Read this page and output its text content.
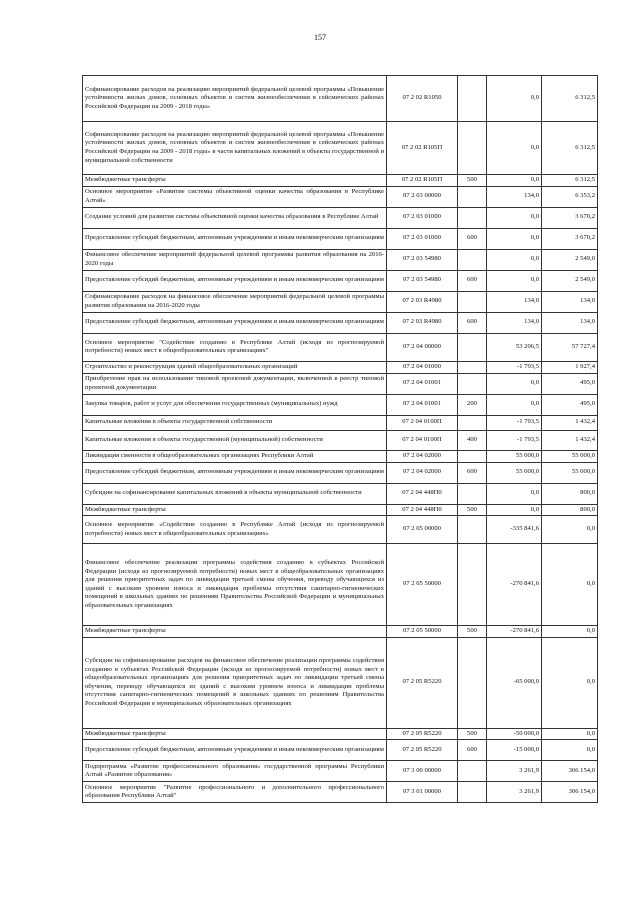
157
Софинансирование расходов на реализацию мероприятий федеральной целевой программы «Повышение устойчивости жилых домов, основных объектов и систем жизнеобеспечения в сейсмических районах Российской Федерации на 2009 - 2018 годы»	07 2 02 R1050		0,0	6 312,5
Софинансирование расходов на реализацию мероприятий федеральной целевой программы «Повышение устойчивости жилых домов, основных объектов и систем жизнеобеспечения в сейсмических районах Российской Федерации на 2009 - 2018 годы» в части капитальных вложений в объекты государственной и муниципальной собственности	07 2 02 R105П		0,0	6 312,5
Межбюджетные трансферты	07 2 02 R105П	500	0,0	6 312,5
Основное мероприятие «Развитие системы объективной оценки качества образования в Республике Алтай»	07 2 03 00000		134,0	6 353,2
Создание условий для развития системы объективной оценки качества образования в Республике Алтай	07 2 03 01000		0,0	3 670,2
Предоставление субсидий бюджетным, автономным учреждениям и иным некоммерческим организациям	07 2 03 01000	600	0,0	3 670,2
Финансовое обеспечение мероприятий федеральной целевой программы развития образования на 2016-2020 годы	07 2 03 54980		0,0	2 549,0
Предоставление субсидий бюджетным, автономным учреждениям и иным некоммерческим организациям	07 2 03 54980	600	0,0	2 549,0
Софинансирование расходов на финансовое обеспечение мероприятий федеральной целевой программы развития образования на 2016-2020 годы	07 2 03 R4980		134,0	134,0
Предоставление субсидий бюджетным, автономным учреждениям и иным некоммерческим организациям	07 2 03 R4980	600	134,0	134,0
Основное мероприятие "Содействие созданию в Республике Алтай (исходя из прогнозируемой потребности) новых мест в общеобразовательных организациях"	07 2 04 00000		53 206,5	57 727,4
Строительство и реконструкция зданий общеобразовательных организаций	07 2 04 01000		-1 793,5	1 927,4
Приобретение прав на использование типовой проектной документации, включенной в реестр типовой проектной документации	07 2 04 01001		0,0	495,0
Закупка товаров, работ и услуг для обеспечения государственных (муниципальных) нужд	07 2 04 01001	200	0,0	495,0
Капитальные вложения в объекты государственной собственности	07 2 04 0100П		-1 793,5	1 432,4
Капитальные вложения в объекты государственной (муниципальной) собственности	07 2 04 0100П	400	-1 793,5	1 432,4
Ликвидация сменности в общеобразовательных организациях Республики Алтай	07 2 04 02000		55 000,0	55 000,0
Предоставление субсидий бюджетным, автономным учреждениям и иным некоммерческим организациям	07 2 04 02000	600	55 000,0	55 000,0
Субсидии на софинансирование капитальных вложений в объекты муниципальной собственности	07 2 04 448П0		0,0	800,0
Межбюджетные трансферты	07 2 04 448П0	500	0,0	800,0
Основное мероприятие «Содействие созданию в Республике Алтай (исходя из прогнозируемой потребности) новых мест в общеобразовательных организациях»	07 2 05 00000		-335 841,6	0,0
Финансовое обеспечение реализации программы содействия созданию в субъектах Российской Федерации (исходя из прогнозируемой потребности) новых мест в общеобразовательных организациях для решения приоритетных задач по ликвидации третьей смены обучения, переводу обучающихся из зданий с высоким уровнем износа и ликвидация проблемы отсутствия санитарно-гигиенических помещений в школьных зданиях по решениям Правительства Российской Федерации и муниципальных образовательных организациях	07 2 05 50000		-270 841,6	0,0
Межбюджетные трансферты	07 2 05 50000	500	-270 841,6	0,0
Субсидии на софинансирование расходов на финансовое обеспечение реализации программы содействия созданию в субъектах Российской Федерации (исходя из прогнозируемой потребности) новых мест в общеобразовательных организациях для решения приоритетных задач по ликвидации третьей смены обучения, переводу обучающихся из зданий с высоким уровнем износа и ликвидации проблемы отсутствия санитарно-гигиенических помещений в школьных зданиях по решениям Правительства Российской Федерации в муниципальных образовательных организациях	07 2 05 R5220		-65 000,0	0,0
Межбюджетные трансферты	07 2 05 R5220	500	-50 000,0	0,0
Предоставление субсидий бюджетным, автономным учреждениям и иным некоммерческим организациям	07 2 05 R5220	600	-15 000,0	0,0
Подпрограмма «Развитие профессионального образования» государственной программы Республики Алтай «Развитие образования»	07 3 00 00000		3 261,9	306 154,0
Основное мероприятие "Развитие профессионального и дополнительного профессионального образования Республики Алтай"	07 3 01 00000		3 261,9	306 154,0
